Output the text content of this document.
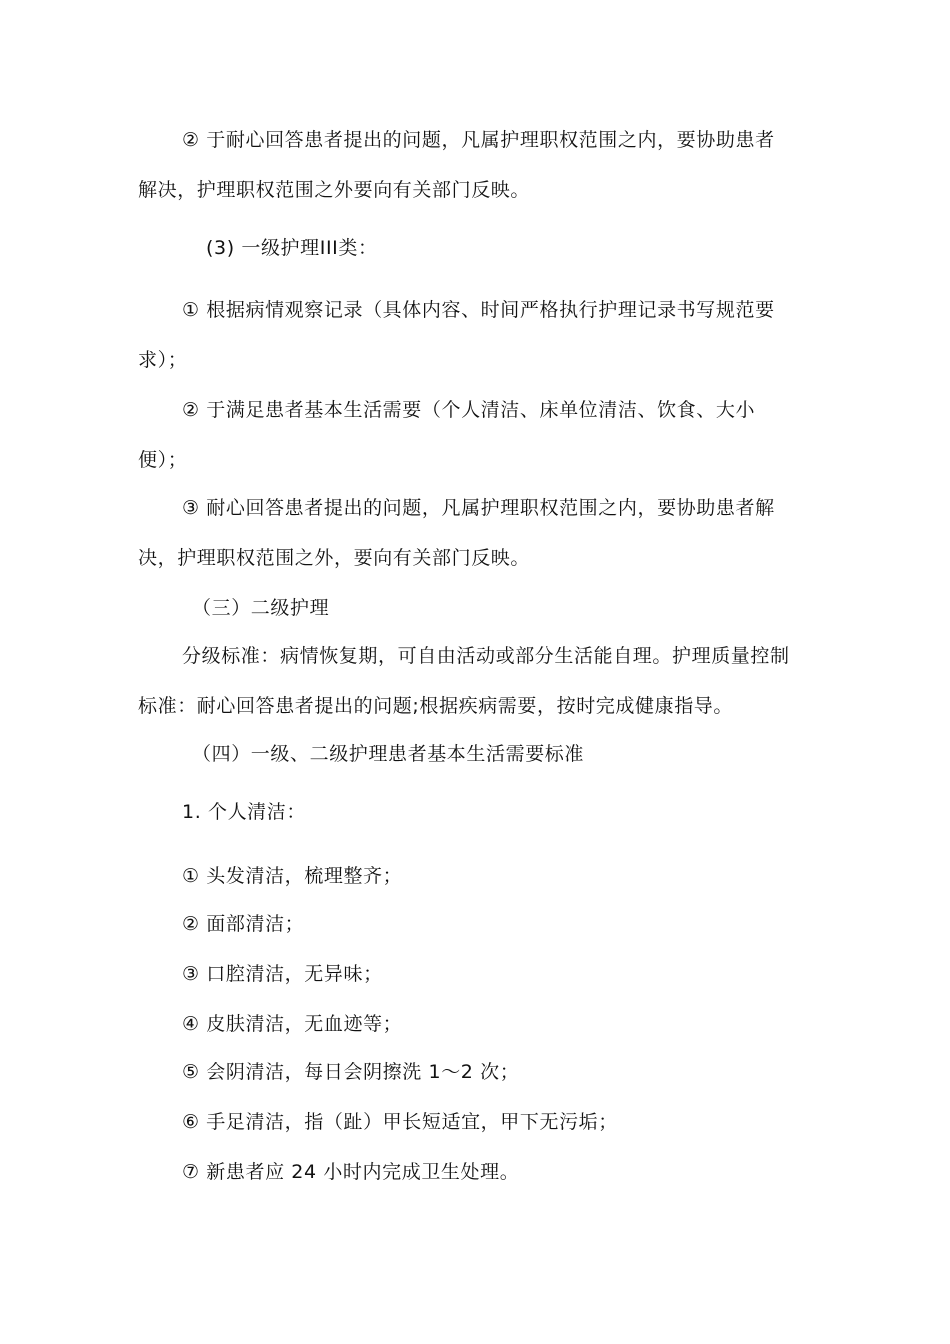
② 于耐心回答患者提出的问题，凡属护理职权范围之内，要协助患者
解决，护理职权范围之外要向有关部门反映。
(3) 一级护理III类：
① 根据病情观察记录（具体内容、时间严格执行护理记录书写规范要
求）；
② 于满足患者基本生活需要（个人清洁、床单位清洁、饮食、大小
便）；
③ 耐心回答患者提出的问题，凡属护理职权范围之内，要协助患者解
决，护理职权范围之外，要向有关部门反映。
（三）二级护理
分级标准：病情恢复期，可自由活动或部分生活能自理。护理质量控制
标准：耐心回答患者提出的问题;根据疾病需要，按时完成健康指导。
（四）一级、二级护理患者基本生活需要标准
1. 个人清洁：
① 头发清洁，梳理整齐；
② 面部清洁；
③ 口腔清洁，无异味；
④ 皮肤清洁，无血迹等；
⑤ 会阴清洁，每日会阴擦洗 1～2 次；
⑥ 手足清洁，指（趾）甲长短适宜，甲下无污垢；
⑦ 新患者应 24 小时内完成卫生处理。
